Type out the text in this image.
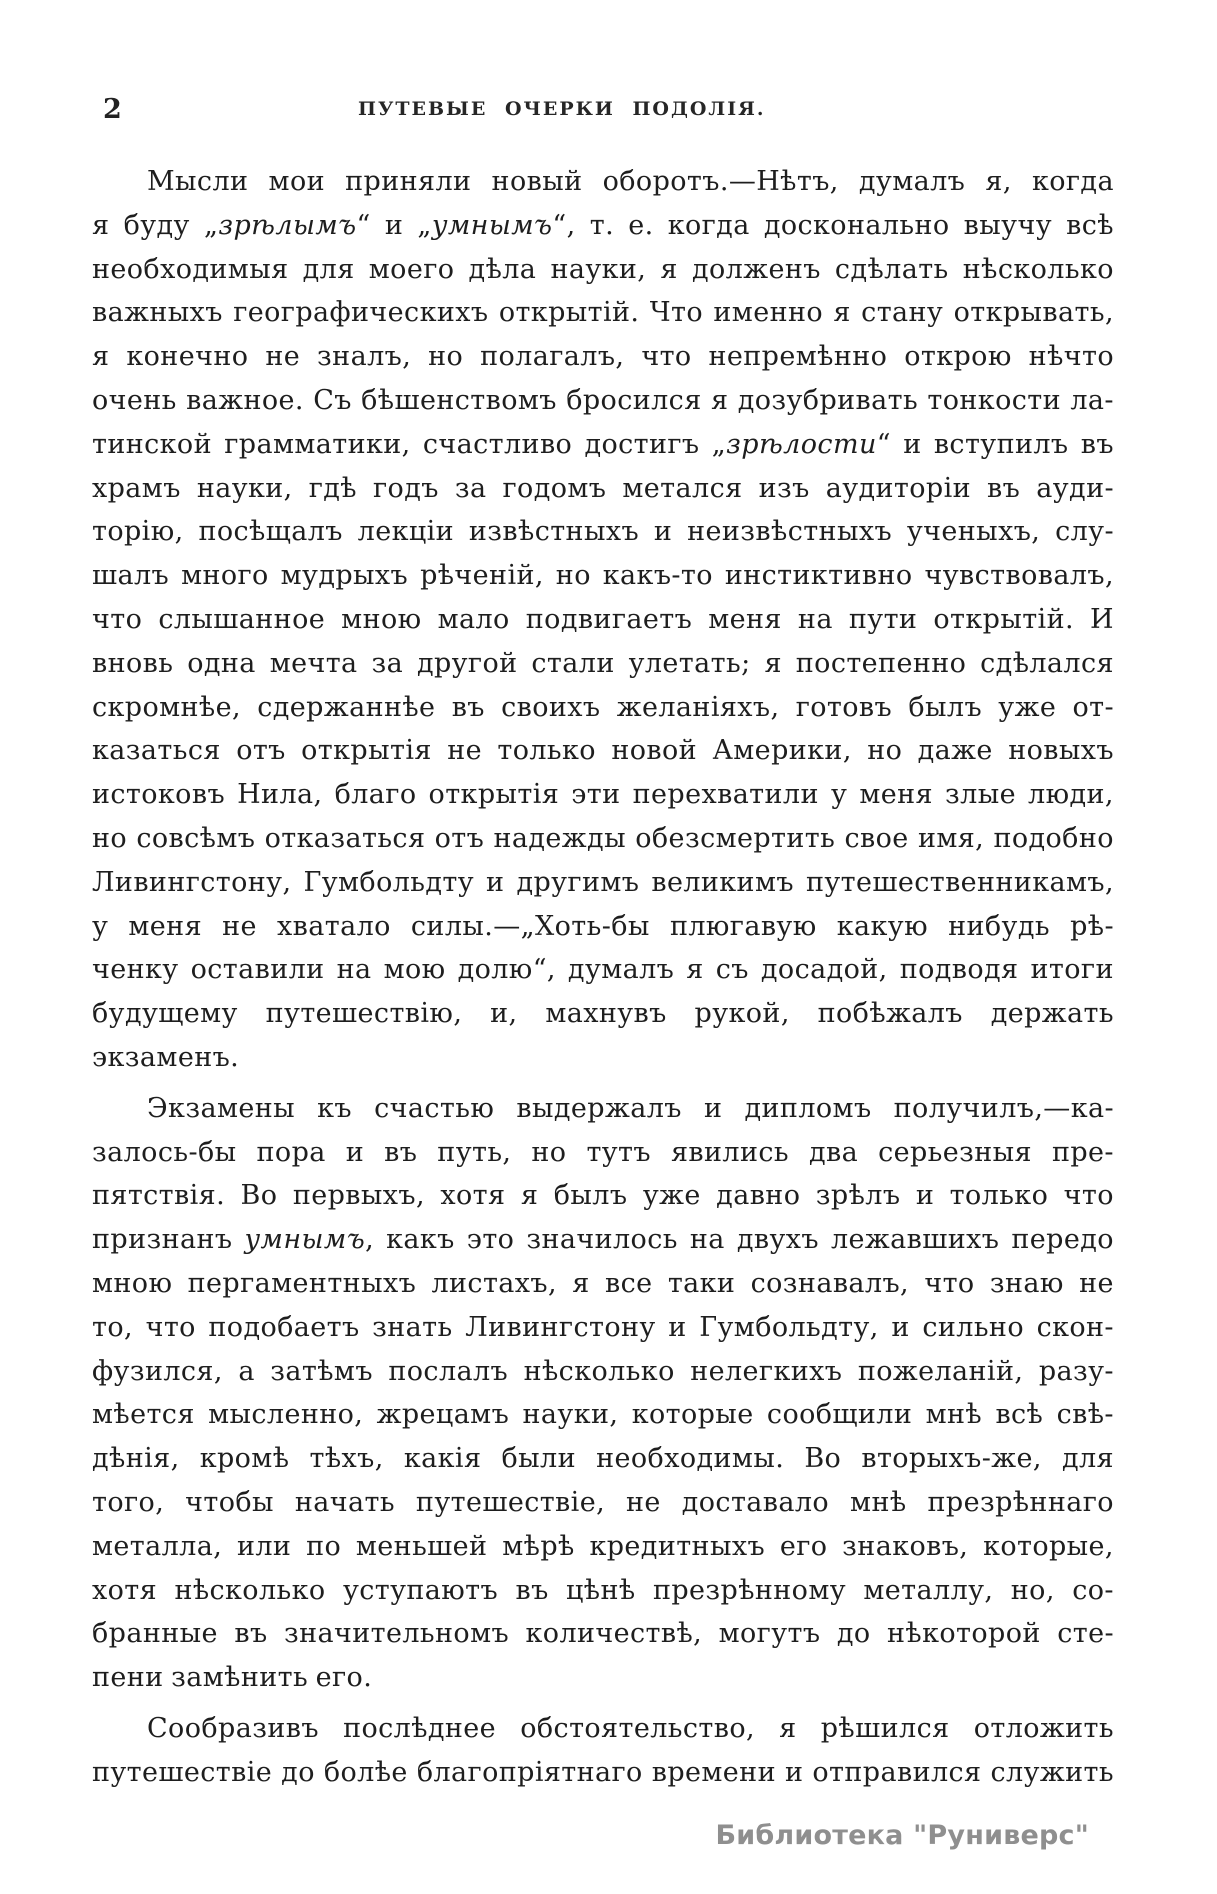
2	ПУТЕВЫЕ ОЧЕРКИ ПОДОЛІЯ.
Мысли мои приняли новый оборотъ.—Нѣтъ, думалъ я, когда
я буду „зрѣлымъ“ и „умнымъ“, т. е. когда досконально выучу всѣ
необходимыя для моего дѣла науки, я долженъ сдѣлать нѣсколько
важныхъ географическихъ открытій. Что именно я стану открывать,
я конечно не зналъ, но полагалъ, что непремѣнно открою нѣчто
очень важное. Съ бѣшенствомъ бросился я дозубривать тонкости ла-
тинской грамматики, счастливо достигъ „зрѣлости“ и вступилъ въ
храмъ науки, гдѣ годъ за годомъ метался изъ аудиторіи въ ауди-
торію, посѣщалъ лекціи извѣстныхъ и неизвѣстныхъ ученыхъ, слу-
шалъ много мудрыхъ рѣченій, но какъ-то инстиктивно чувствовалъ,
что слышанное мною мало подвигаетъ меня на пути открытій. И
вновь одна мечта за другой стали улетать; я постепенно сдѣлался
скромнѣе, сдержаннѣе въ своихъ желаніяхъ, готовъ былъ уже от-
казаться отъ открытія не только новой Америки, но даже новыхъ
истоковъ Нила, благо открытія эти перехватили у меня злые люди,
но совсѣмъ отказаться отъ надежды обезсмертить свое имя, подобно
Ливингстону, Гумбольдту и другимъ великимъ путешественникамъ,
у меня не хватало силы.—„Хоть-бы плюгавую какую нибудь рѣ-
ченку оставили на мою долю“, думалъ я съ досадой, подводя итоги
будущему путешествію, и, махнувъ рукой, побѣжалъ держать
экзаменъ.
Экзамены къ счастью выдержалъ и дипломъ получилъ,—ка-
залось-бы пора и въ путь, но тутъ явились два серьезныя пре-
пятствія. Во первыхъ, хотя я былъ уже давно зрѣлъ и только что
признанъ умнымъ, какъ это значилось на двухъ лежавшихъ передо
мною пергаментныхъ листахъ, я все таки сознавалъ, что знаю не
то, что подобаетъ знать Ливингстону и Гумбольдту, и сильно скон-
фузился, а затѣмъ послалъ нѣсколько нелегкихъ пожеланій, разу-
мѣется мысленно, жрецамъ науки, которые сообщили мнѣ всѣ свѣ-
дѣнія, кромѣ тѣхъ, какія были необходимы. Во вторыхъ-же, для
того, чтобы начать путешествіе, не доставало мнѣ презрѣннаго
металла, или по меньшей мѣрѣ кредитныхъ его знаковъ, которые,
хотя нѣсколько уступаютъ въ цѣнѣ презрѣнному металлу, но, со-
бранные въ значительномъ количествѣ, могутъ до нѣкоторой сте-
пени замѣнить его.
Сообразивъ послѣднее обстоятельство, я рѣшился отложить
путешествіе до болѣе благопріятнаго времени и отправился служить
Библиотека "Руниверс"
